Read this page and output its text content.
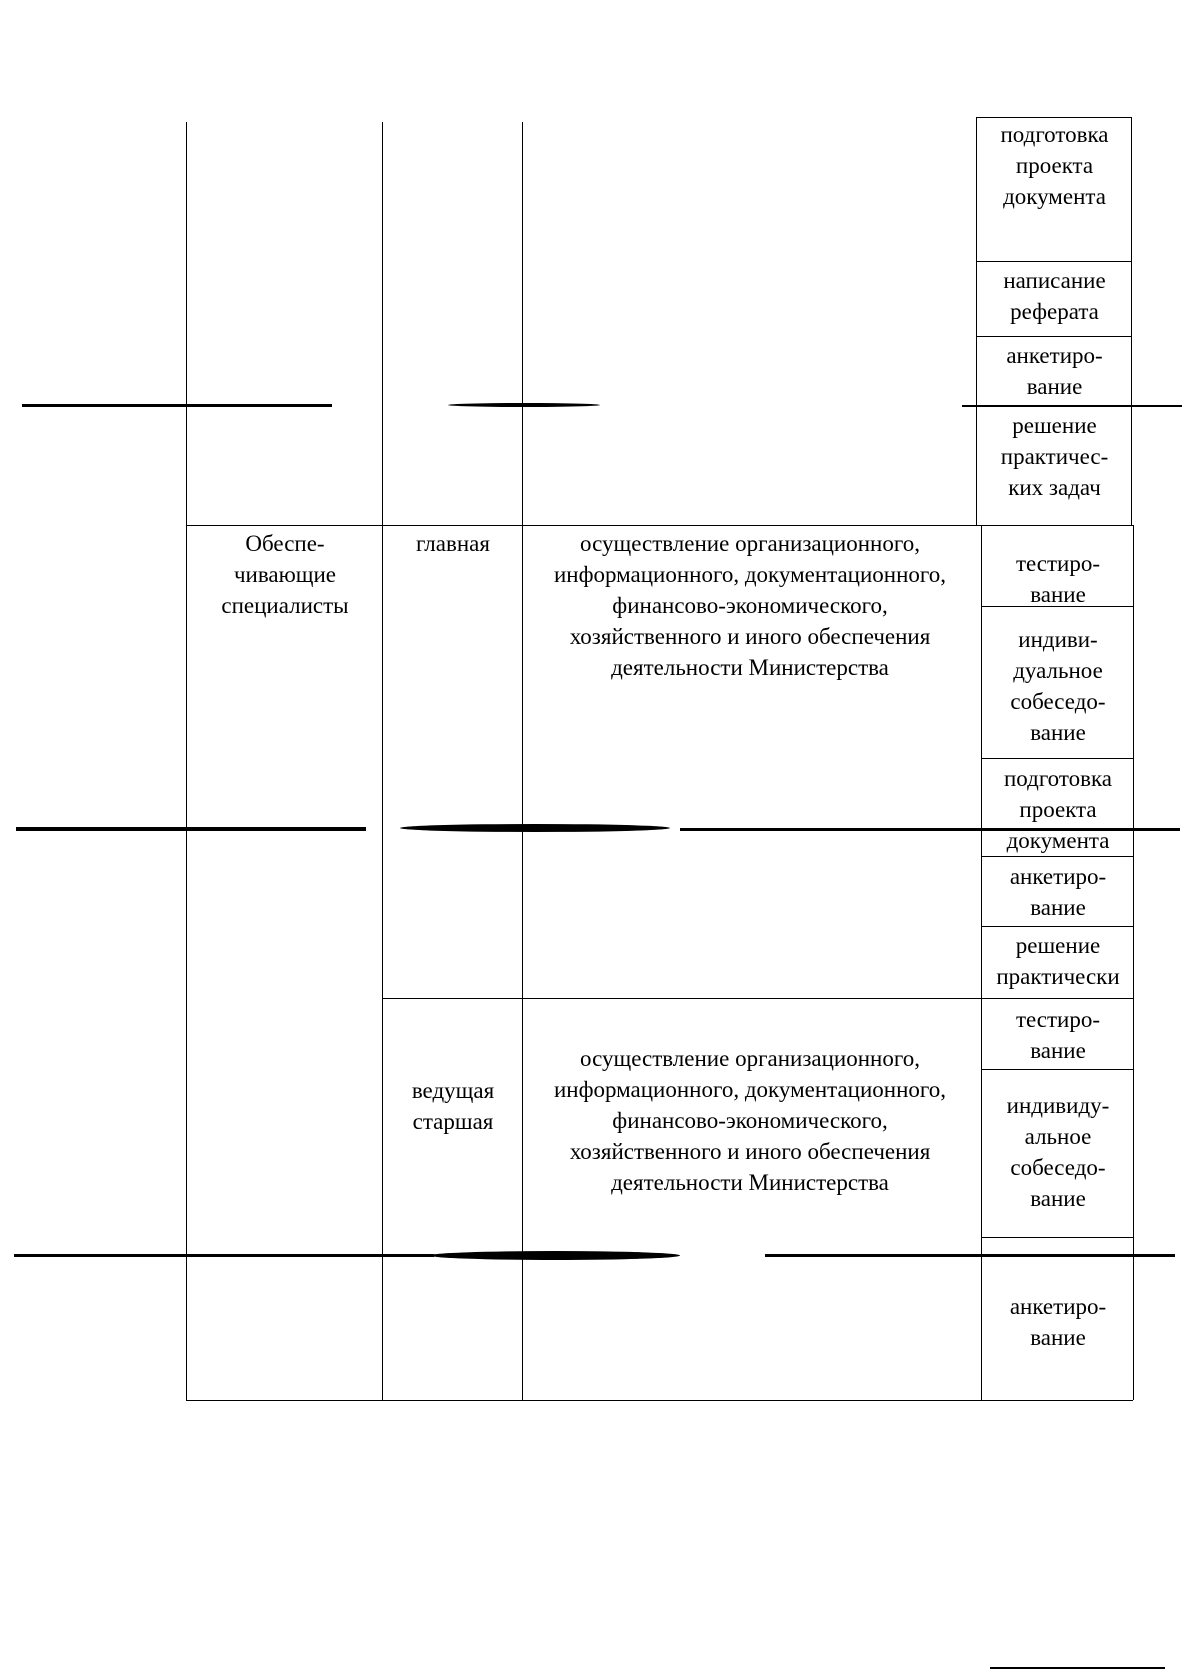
подготовка
проекта
документа
написание
реферата
анкетиро-
вание
решение
практичес-
ких задач
Обеспе-
чивающие
специалисты
главная	осуществление организационного,
информационного, документационного,
финансово-экономического,
хозяйственного и иного обеспечения
деятельности Министерства
тестиро-
вание
индиви-
дуальное
собеседо-
вание
подготовка
проекта
документа
анкетиро-
вание
решение
практически
ведущая
старшая
осуществление организационного,
информационного, документационного,
финансово-экономического,
хозяйственного и иного обеспечения
деятельности Министерства
тестиро-
вание
индивиду-
альное
собеседо-
вание
анкетиро-
вание
